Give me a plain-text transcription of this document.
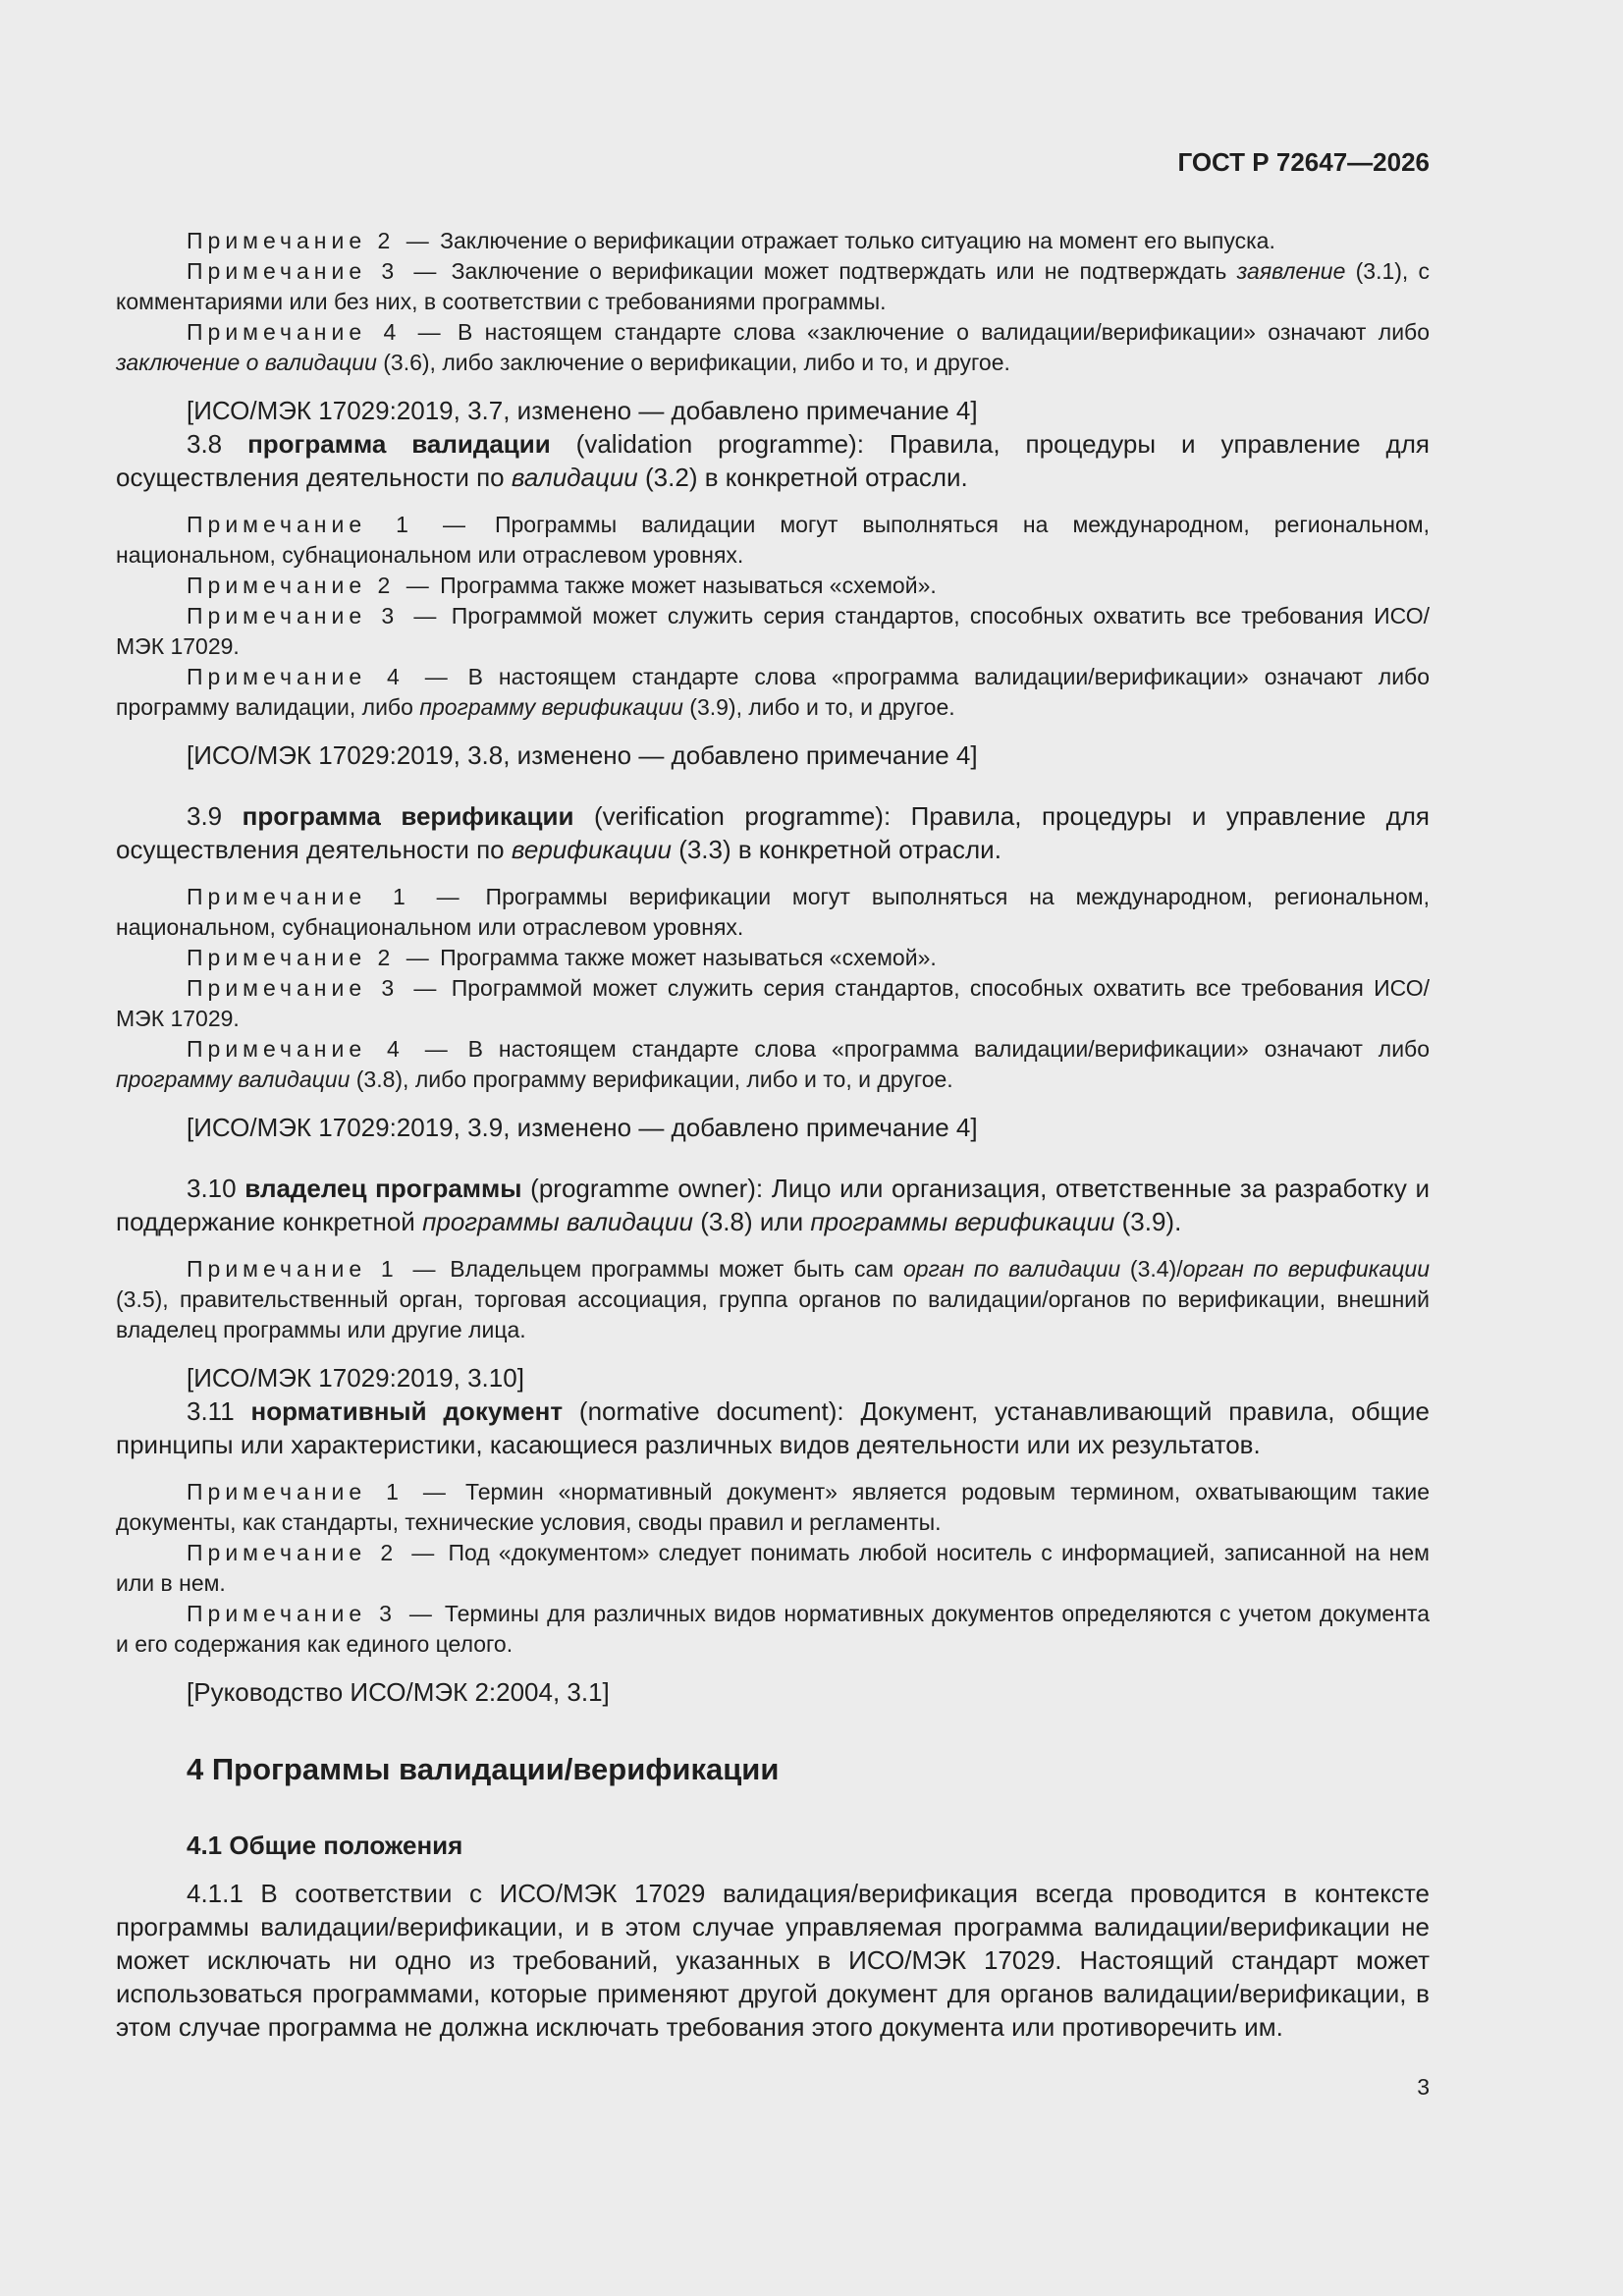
ГОСТ Р 72647—2026

Примечание 2 — Заключение о верификации отражает только ситуацию на момент его выпуска.

Примечание 3 — Заключение о верификации может подтверждать или не подтверждать заявление (3.1), с комментариями или без них, в соответствии с требованиями программы.

Примечание 4 — В настоящем стандарте слова «заключение о валидации/верификации» означают либо заключение о валидации (3.6), либо заключение о верификации, либо и то, и другое.

[ИСО/МЭК 17029:2019, 3.7, изменено — добавлено примечание 4]

3.8 программа валидации (validation programme): Правила, процедуры и управление для осуществления деятельности по валидации (3.2) в конкретной отрасли.

Примечание 1 — Программы валидации могут выполняться на международном, региональном, национальном, субнациональном или отраслевом уровнях.

Примечание 2 — Программа также может называться «схемой».

Примечание 3 — Программой может служить серия стандартов, способных охватить все требования ИСО/МЭК 17029.

Примечание 4 — В настоящем стандарте слова «программа валидации/верификации» означают либо программу валидации, либо программу верификации (3.9), либо и то, и другое.

[ИСО/МЭК 17029:2019, 3.8, изменено — добавлено примечание 4]

3.9 программа верификации (verification programme): Правила, процедуры и управление для осуществления деятельности по верификации (3.3) в конкретной отрасли.

Примечание 1 — Программы верификации могут выполняться на международном, региональном, национальном, субнациональном или отраслевом уровнях.

Примечание 2 — Программа также может называться «схемой».

Примечание 3 — Программой может служить серия стандартов, способных охватить все требования ИСО/МЭК 17029.

Примечание 4 — В настоящем стандарте слова «программа валидации/верификации» означают либо программу валидации (3.8), либо программу верификации, либо и то, и другое.

[ИСО/МЭК 17029:2019, 3.9, изменено — добавлено примечание 4]

3.10 владелец программы (programme owner): Лицо или организация, ответственные за разработку и поддержание конкретной программы валидации (3.8) или программы верификации (3.9).

Примечание 1 — Владельцем программы может быть сам орган по валидации (3.4)/орган по верификации (3.5), правительственный орган, торговая ассоциация, группа органов по валидации/органов по верификации, внешний владелец программы или другие лица.

[ИСО/МЭК 17029:2019, 3.10]

3.11 нормативный документ (normative document): Документ, устанавливающий правила, общие принципы или характеристики, касающиеся различных видов деятельности или их результатов.

Примечание 1 — Термин «нормативный документ» является родовым термином, охватывающим такие документы, как стандарты, технические условия, своды правил и регламенты.

Примечание 2 — Под «документом» следует понимать любой носитель с информацией, записанной на нем или в нем.

Примечание 3 — Термины для различных видов нормативных документов определяются с учетом документа и его содержания как единого целого.

[Руководство ИСО/МЭК 2:2004, 3.1]

4 Программы валидации/верификации
4.1 Общие положения

4.1.1 В соответствии с ИСО/МЭК 17029 валидация/верификация всегда проводится в контексте программы валидации/верификации, и в этом случае управляемая программа валидации/верификации не может исключать ни одно из требований, указанных в ИСО/МЭК 17029. Настоящий стандарт может использоваться программами, которые применяют другой документ для органов валидации/верификации, в этом случае программа не должна исключать требования этого документа или противоречить им.

3
